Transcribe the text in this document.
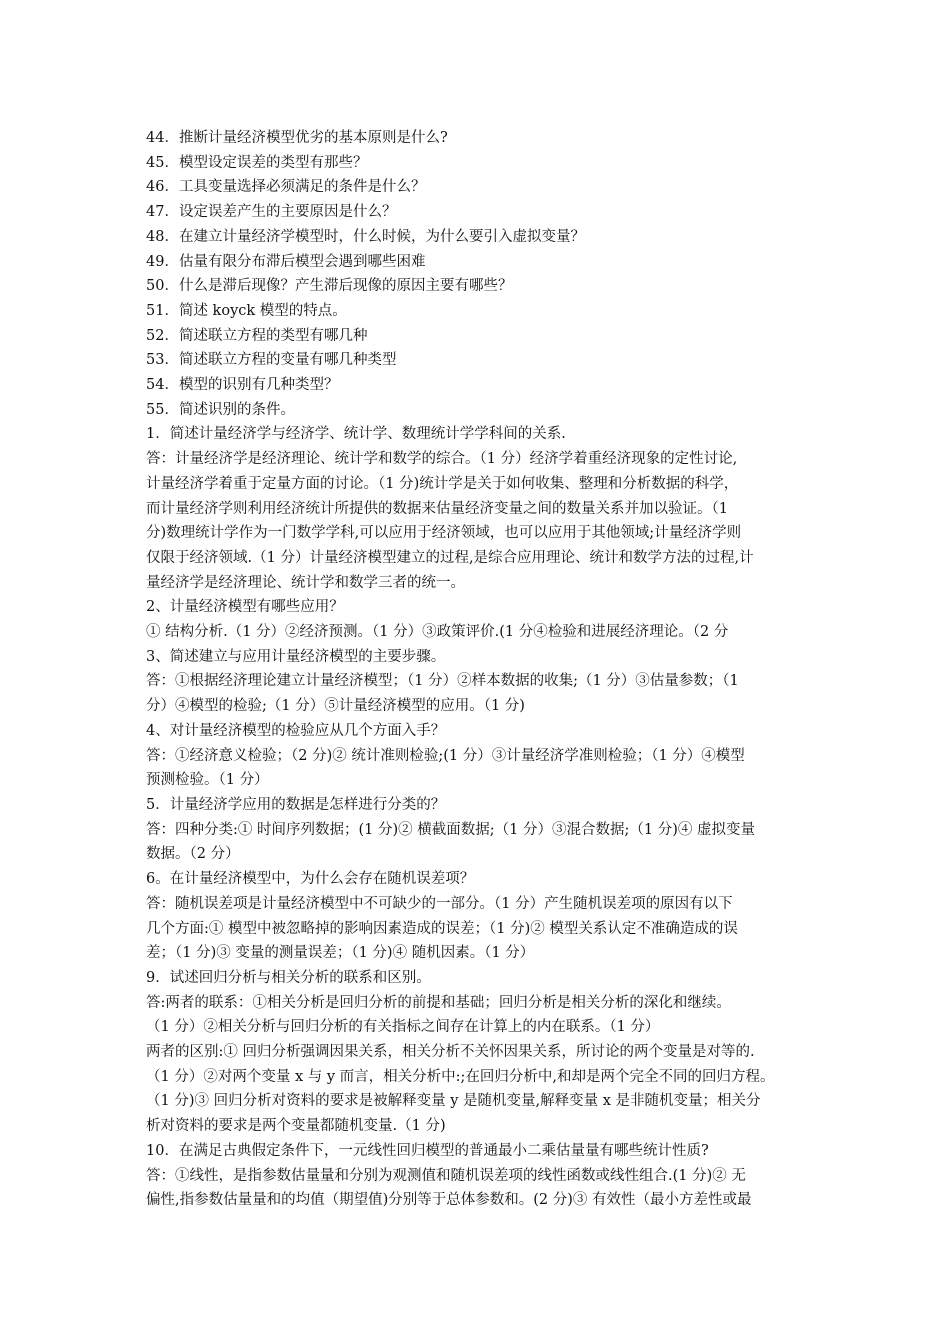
44．推断计量经济模型优劣的基本原则是什么?
45．模型设定误差的类型有那些？
46．工具变量选择必须满足的条件是什么？
47．设定误差产生的主要原因是什么？
48．在建立计量经济学模型时，什么时候，为什么要引入虚拟变量？
49．估量有限分布滞后模型会遇到哪些困难
50．什么是滞后现像？产生滞后现像的原因主要有哪些？
51．简述 koyck 模型的特点。
52．简述联立方程的类型有哪几种
53．简述联立方程的变量有哪几种类型
54．模型的识别有几种类型？
55．简述识别的条件。
1．简述计量经济学与经济学、统计学、数理统计学学科间的关系.
答：计量经济学是经济理论、统计学和数学的综合。（1 分）经济学着重经济现象的定性讨论,
计量经济学着重于定量方面的讨论。（1 分)统计学是关于如何收集、整理和分析数据的科学，
而计量经济学则利用经济统计所提供的数据来估量经济变量之间的数量关系并加以验证。（1
分)数理统计学作为一门数学学科,可以应用于经济领域，也可以应用于其他领域;计量经济学则
仅限于经济领域.（1 分）计量经济模型建立的过程,是综合应用理论、统计和数学方法的过程,计
量经济学是经济理论、统计学和数学三者的统一。
2、计量经济模型有哪些应用？
① 结构分析.（1 分）②经济预测。（1 分）③政策评价.(1 分④检验和进展经济理论。（2 分
3、简述建立与应用计量经济模型的主要步骤。
答：①根据经济理论建立计量经济模型；（1 分）②样本数据的收集;（1 分）③估量参数；（1
分）④模型的检验;（1 分）⑤计量经济模型的应用。（1 分)
4、对计量经济模型的检验应从几个方面入手？
答：①经济意义检验；（2 分)② 统计准则检验;(1 分）③计量经济学准则检验；（1 分）④模型
预测检验。（1 分）
5．计量经济学应用的数据是怎样进行分类的？
答：四种分类:① 时间序列数据；(1 分)② 横截面数据;（1 分）③混合数据;（1 分)④ 虚拟变量
数据。（2 分）
6。在计量经济模型中，为什么会存在随机误差项？
答：随机误差项是计量经济模型中不可缺少的一部分。（1 分）产生随机误差项的原因有以下
几个方面:① 模型中被忽略掉的影响因素造成的误差；（1 分)② 模型关系认定不准确造成的误
差；（1 分)③ 变量的测量误差；（1 分)④ 随机因素。（1 分）
9．试述回归分析与相关分析的联系和区别。
答:两者的联系：①相关分析是回归分析的前提和基础；回归分析是相关分析的深化和继续。
（1 分）②相关分析与回归分析的有关指标之间存在计算上的内在联系。（1 分）
两者的区别:① 回归分析强调因果关系，相关分析不关怀因果关系，所讨论的两个变量是对等的.
（1 分）②对两个变量 x 与 y 而言，相关分析中:;在回归分析中,和却是两个完全不同的回归方程。
（1 分)③ 回归分析对资料的要求是被解释变量 y 是随机变量,解释变量 x 是非随机变量；相关分
析对资料的要求是两个变量都随机变量.（1 分)
10．在满足古典假定条件下，一元线性回归模型的普通最小二乘估量量有哪些统计性质?
答：①线性，是指参数估量量和分别为观测值和随机误差项的线性函数或线性组合.(1 分)② 无
偏性,指参数估量量和的均值（期望值)分别等于总体参数和。(2 分)③ 有效性（最小方差性或最
